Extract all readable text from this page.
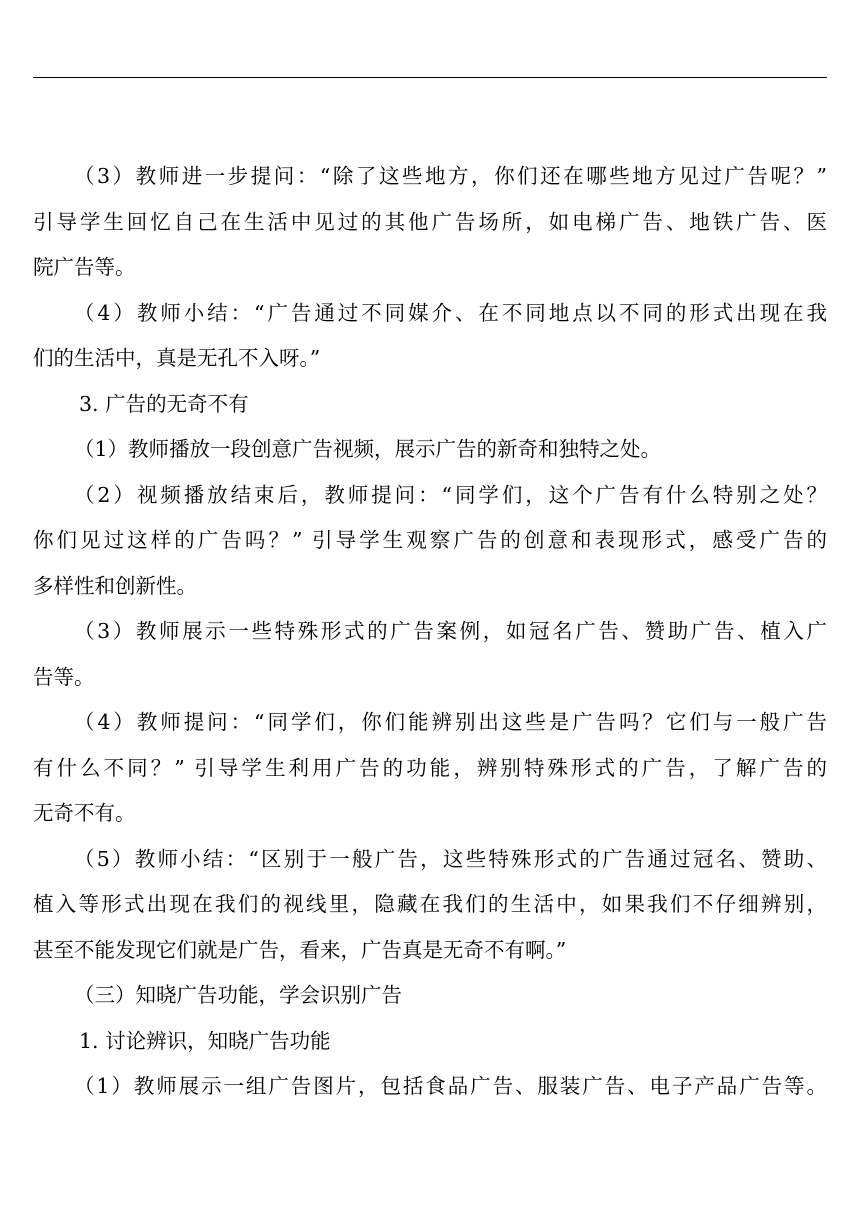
（3）教师进一步提问：“除了这些地方，你们还在哪些地方见过广告呢？”
引导学生回忆自己在生活中见过的其他广告场所，如电梯广告、地铁广告、医
院广告等。
（4）教师小结：“广告通过不同媒介、在不同地点以不同的形式出现在我
们的生活中，真是无孔不入呀。”
3. 广告的无奇不有
（1）教师播放一段创意广告视频，展示广告的新奇和独特之处。
（2）视频播放结束后，教师提问：“同学们，这个广告有什么特别之处？
你们见过这样的广告吗？” 引导学生观察广告的创意和表现形式，感受广告的
多样性和创新性。
（3）教师展示一些特殊形式的广告案例，如冠名广告、赞助广告、植入广
告等。
（4）教师提问：“同学们，你们能辨别出这些是广告吗？它们与一般广告
有什么不同？” 引导学生利用广告的功能，辨别特殊形式的广告，了解广告的
无奇不有。
（5）教师小结：“区别于一般广告，这些特殊形式的广告通过冠名、赞助、
植入等形式出现在我们的视线里，隐藏在我们的生活中，如果我们不仔细辨别，
甚至不能发现它们就是广告，看来，广告真是无奇不有啊。”
（三）知晓广告功能，学会识别广告
1. 讨论辨识，知晓广告功能
（1）教师展示一组广告图片，包括食品广告、服装广告、电子产品广告等。
